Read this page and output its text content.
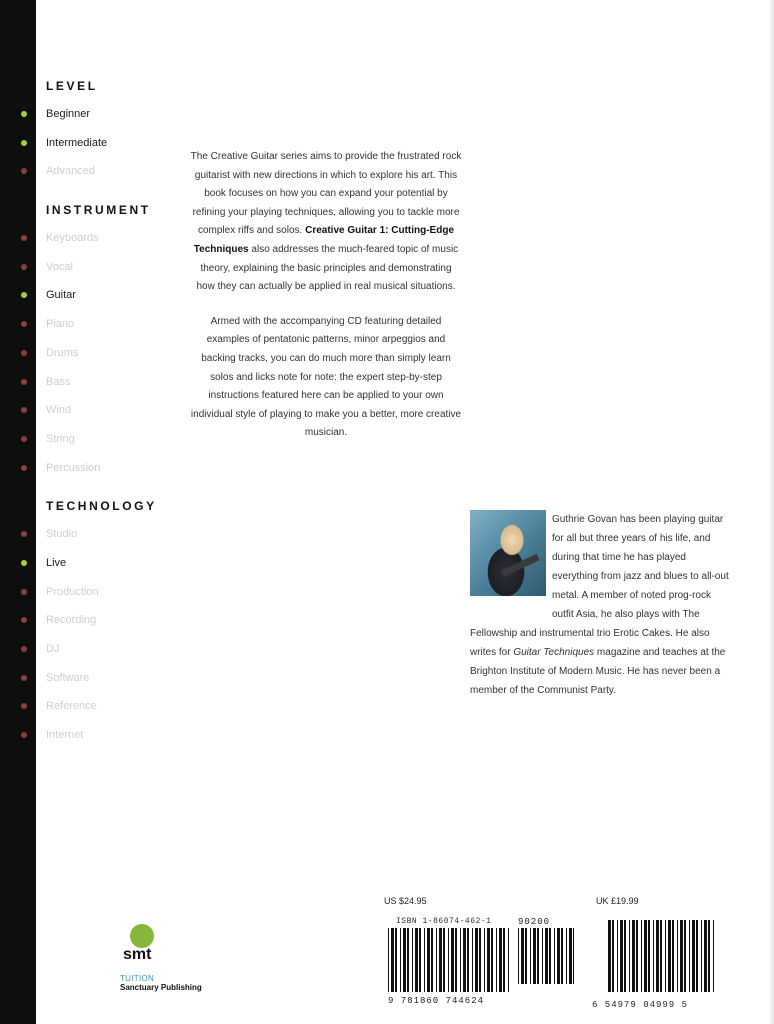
LEVEL
Beginner
Intermediate
Advanced
INSTRUMENT
Keyboards
Vocal
Guitar
Piano
Drums
Bass
Wind
String
Percussion
TECHNOLOGY
Studio
Live
Production
Recording
DJ
Software
Reference
Internet

The Creative Guitar series aims to provide the frustrated rock guitarist with new directions in which to explore his art. This book focuses on how you can expand your potential by refining your playing techniques, allowing you to tackle more complex riffs and solos. Creative Guitar 1: Cutting-Edge Techniques also addresses the much-feared topic of music theory, explaining the basic principles and demonstrating how they can actually be applied in real musical situations.

Armed with the accompanying CD featuring detailed examples of pentatonic patterns, minor arpeggios and backing tracks, you can do much more than simply learn solos and licks note for note: the expert step-by-step instructions featured here can be applied to your own individual style of playing to make you a better, more creative musician.

Guthrie Govan has been playing guitar for all but three years of his life, and during that time he has played everything from jazz and blues to all-out metal. A member of noted prog-rock outfit Asia, he also plays with The Fellowship and instrumental trio Erotic Cakes. He also writes for Guitar Techniques magazine and teaches at the Brighton Institute of Modern Music. He has never been a member of the Communist Party.
smt
TUITION
Sanctuary Publishing
US $24.95	UK £19.99
ISBN 1-86074-462-1	90200
9 781860 744624	6 54979 04999 5
